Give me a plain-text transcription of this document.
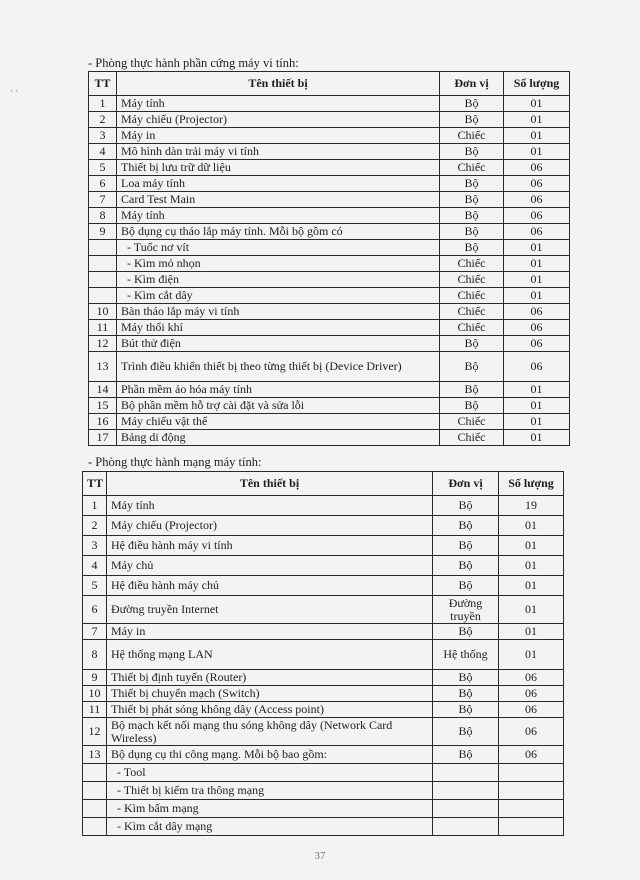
· ·
- Phòng thực hành phần cứng máy vi tính:
TT	Tên thiết bị	Đơn vị	Số lượng
1	Máy tính	Bộ	01
2	Máy chiếu (Projector)	Bộ	01
3	Máy in	Chiếc	01
4	Mô hình dàn trải máy vi tính	Bộ	01
5	Thiết bị lưu trữ dữ liệu	Chiếc	06
6	Loa máy tính	Bộ	06
7	Card Test Main	Bộ	06
8	Máy tính	Bộ	06
9	Bộ dụng cụ tháo lắp máy tính. Mỗi bộ gồm có	Bộ	06
	- Tuốc nơ vít	Bộ	01
	- Kìm mỏ nhọn	Chiếc	01
	- Kìm điện	Chiếc	01
	- Kìm cắt dây	Chiếc	01
10	Bàn tháo lắp máy vi tính	Chiếc	06
11	Máy thổi khí	Chiếc	06
12	Bút thử điện	Bộ	06
13	Trình điều khiển thiết bị theo từng thiết bị (Device Driver)	Bộ	06
14	Phần mềm ảo hóa máy tính	Bộ	01
15	Bộ phần mềm hỗ trợ cài đặt và sửa lỗi	Bộ	01
16	Máy chiếu vật thể	Chiếc	01
17	Bảng di động	Chiếc	01
- Phòng thực hành mạng máy tính:
TT	Tên thiết bị	Đơn vị	Số lượng
1	Máy tính	Bộ	19
2	Máy chiếu (Projector)	Bộ	01
3	Hệ điều hành máy vi tính	Bộ	01
4	Máy chủ	Bộ	01
5	Hệ điều hành máy chủ	Bộ	01
6	Đường truyền Internet	Đường truyền	01
7	Máy in	Bộ	01
8	Hệ thống mạng LAN	Hệ thống	01
9	Thiết bị định tuyến (Router)	Bộ	06
10	Thiết bị chuyển mạch (Switch)	Bộ	06
11	Thiết bị phát sóng không dây (Access point)	Bộ	06
12	Bộ mạch kết nối mạng thu sóng không dây (Network Card Wireless)	Bộ	06
13	Bộ dụng cụ thi công mạng. Mỗi bộ bao gồm:	Bộ	06
	- Tool		
	- Thiết bị kiểm tra thông mạng		
	- Kìm bấm mạng		
	- Kìm cắt dây mạng		
37
